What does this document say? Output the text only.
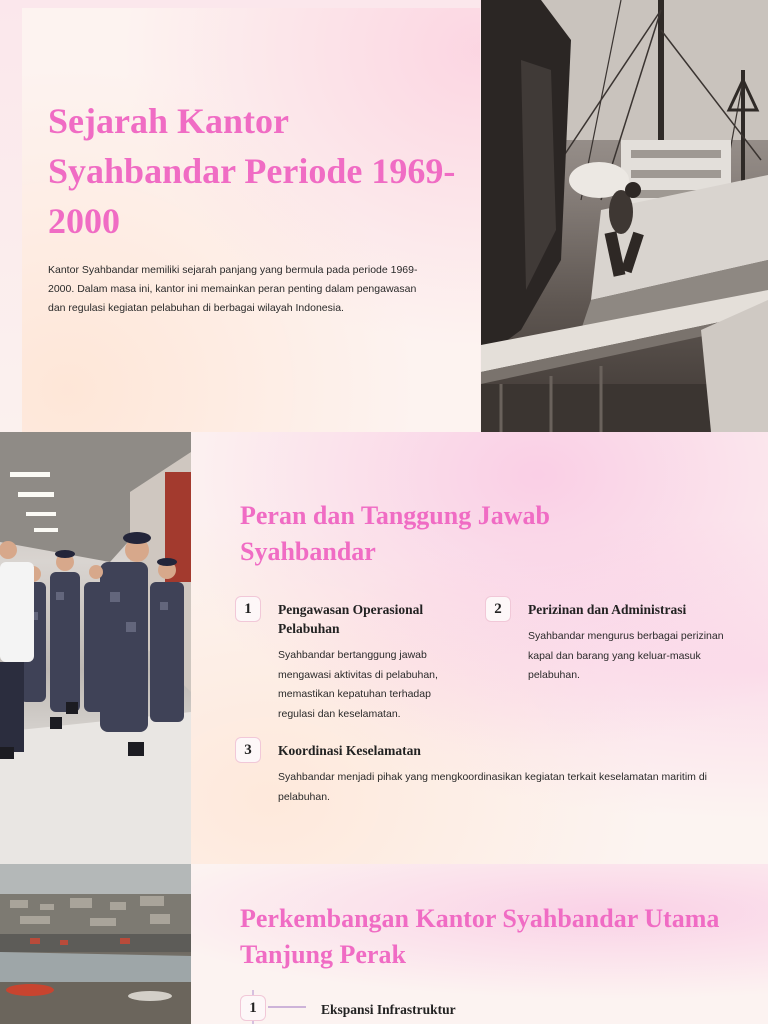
Sejarah Kantor Syahbandar Periode 1969-2000

Kantor Syahbandar memiliki sejarah panjang yang bermula pada periode 1969-2000. Dalam masa ini, kantor ini memainkan peran penting dalam pengawasan dan regulasi kegiatan pelabuhan di berbagai wilayah Indonesia.

Peran dan Tanggung Jawab Syahbandar
1	Pengawasan Operasional Pelabuhan

Syahbandar bertanggung jawab mengawasi aktivitas di pelabuhan, memastikan kepatuhan terhadap regulasi dan keselamatan.

2	Perizinan dan Administrasi

Syahbandar mengurus berbagai perizinan kapal dan barang yang keluar-masuk pelabuhan.

3	Koordinasi Keselamatan

Syahbandar menjadi pihak yang mengkoordinasikan kegiatan terkait keselamatan maritim di pelabuhan.

Perkembangan Kantor Syahbandar Utama Tanjung Perak
1	Ekspansi Infrastruktur
